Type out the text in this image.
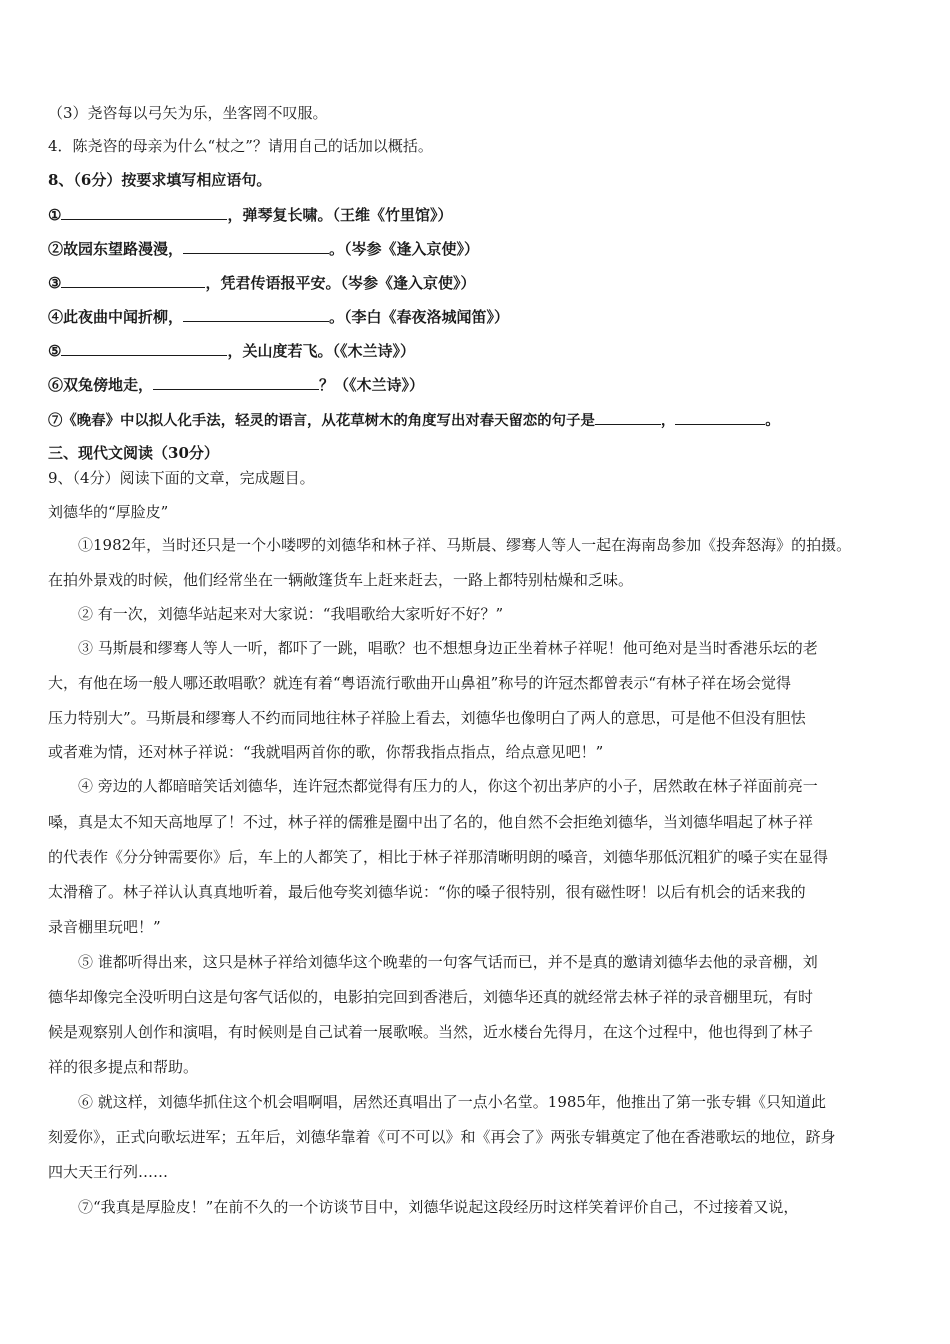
（3）尧咨每以弓矢为乐，坐客罔不叹服。
4．陈尧咨的母亲为什么“杖之”？请用自己的话加以概括。
8、（6分）按要求填写相应语句。
①	，弹琴复长啸。（王维《竹里馆》）
②故园东望路漫漫，	。（岑参《逢入京使》）
③	，凭君传语报平安。（岑参《逢入京使》）
④此夜曲中闻折柳，	。（李白《春夜洛城闻笛》）
⑤	，关山度若飞。（《木兰诗》）
⑥双兔傍地走，	？（《木兰诗》）
⑦《晚春》中以拟人化手法，轻灵的语言，从花草树木的角度写出对春天留恋的句子是	，	。
三、现代文阅读（30分）
9、（4分）阅读下面的文章，完成题目。
刘德华的“厚脸皮”
①1982年，当时还只是一个小喽啰的刘德华和林子祥、马斯晨、缪骞人等人一起在海南岛参加《投奔怒海》的拍摄。
在拍外景戏的时候，他们经常坐在一辆敞篷货车上赶来赶去，一路上都特别枯燥和乏味。
② 有一次，刘德华站起来对大家说：“我唱歌给大家听好不好？”
③ 马斯晨和缪骞人等人一听，都吓了一跳，唱歌？也不想想身边正坐着林子祥呢！他可绝对是当时香港乐坛的老
大，有他在场一般人哪还敢唱歌？就连有着“粤语流行歌曲开山鼻祖”称号的许冠杰都曾表示“有林子祥在场会觉得
压力特别大”。马斯晨和缪骞人不约而同地往林子祥脸上看去，刘德华也像明白了两人的意思，可是他不但没有胆怯
或者难为情，还对林子祥说：“我就唱两首你的歌，你帮我指点指点，给点意见吧！”
④ 旁边的人都暗暗笑话刘德华，连许冠杰都觉得有压力的人，你这个初出茅庐的小子，居然敢在林子祥面前亮一
嗓，真是太不知天高地厚了！不过，林子祥的儒雅是圈中出了名的，他自然不会拒绝刘德华，当刘德华唱起了林子祥
的代表作《分分钟需要你》后，车上的人都笑了，相比于林子祥那清晰明朗的嗓音，刘德华那低沉粗犷的嗓子实在显得
太滑稽了。林子祥认认真真地听着，最后他夸奖刘德华说：“你的嗓子很特别，很有磁性呀！以后有机会的话来我的
录音棚里玩吧！”
⑤ 谁都听得出来，这只是林子祥给刘德华这个晚辈的一句客气话而已，并不是真的邀请刘德华去他的录音棚，刘
德华却像完全没听明白这是句客气话似的，电影拍完回到香港后，刘德华还真的就经常去林子祥的录音棚里玩，有时
候是观察别人创作和演唱，有时候则是自己试着一展歌喉。当然，近水楼台先得月，在这个过程中，他也得到了林子
祥的很多提点和帮助。
⑥ 就这样，刘德华抓住这个机会唱啊唱，居然还真唱出了一点小名堂。1985年，他推出了第一张专辑《只知道此
刻爱你》，正式向歌坛进军；五年后，刘德华靠着《可不可以》和《再会了》两张专辑奠定了他在香港歌坛的地位，跻身
四大天王行列……
⑦“我真是厚脸皮！”在前不久的一个访谈节目中，刘德华说起这段经历时这样笑着评价自己，不过接着又说，
